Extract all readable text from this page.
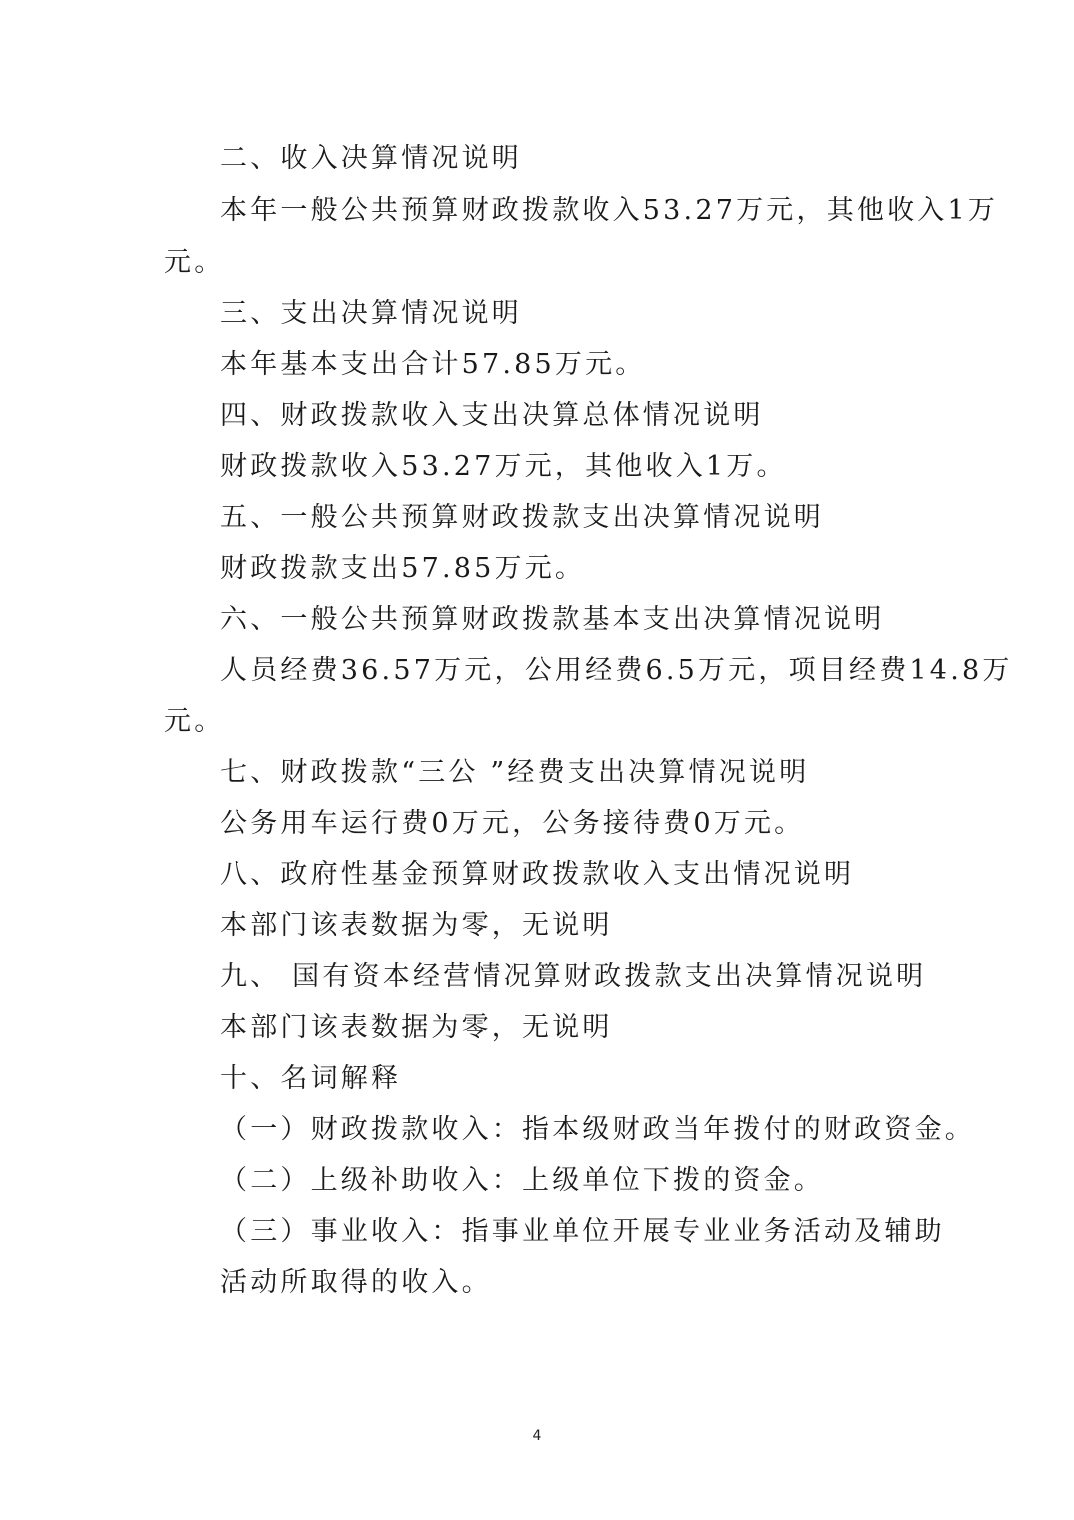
二、收入决算情况说明
本年一般公共预算财政拨款收入53.27万元，其他收入1万
元。
三、支出决算情况说明
本年基本支出合计57.85万元。
四、财政拨款收入支出决算总体情况说明
财政拨款收入53.27万元，其他收入1万。
五、一般公共预算财政拨款支出决算情况说明
财政拨款支出57.85万元。
六、一般公共预算财政拨款基本支出决算情况说明
人员经费36.57万元，公用经费6.5万元，项目经费14.8万
元。
七、财政拨款“三公 ”经费支出决算情况说明
公务用车运行费0万元，公务接待费0万元。
八、政府性基金预算财政拨款收入支出情况说明
本部门该表数据为零，无说明
九、 国有资本经营情况算财政拨款支出决算情况说明
本部门该表数据为零，无说明
十、名词解释
（一）财政拨款收入：指本级财政当年拨付的财政资金。
（二）上级补助收入：上级单位下拨的资金。
（三）事业收入：指事业单位开展专业业务活动及辅助
活动所取得的收入。
4
